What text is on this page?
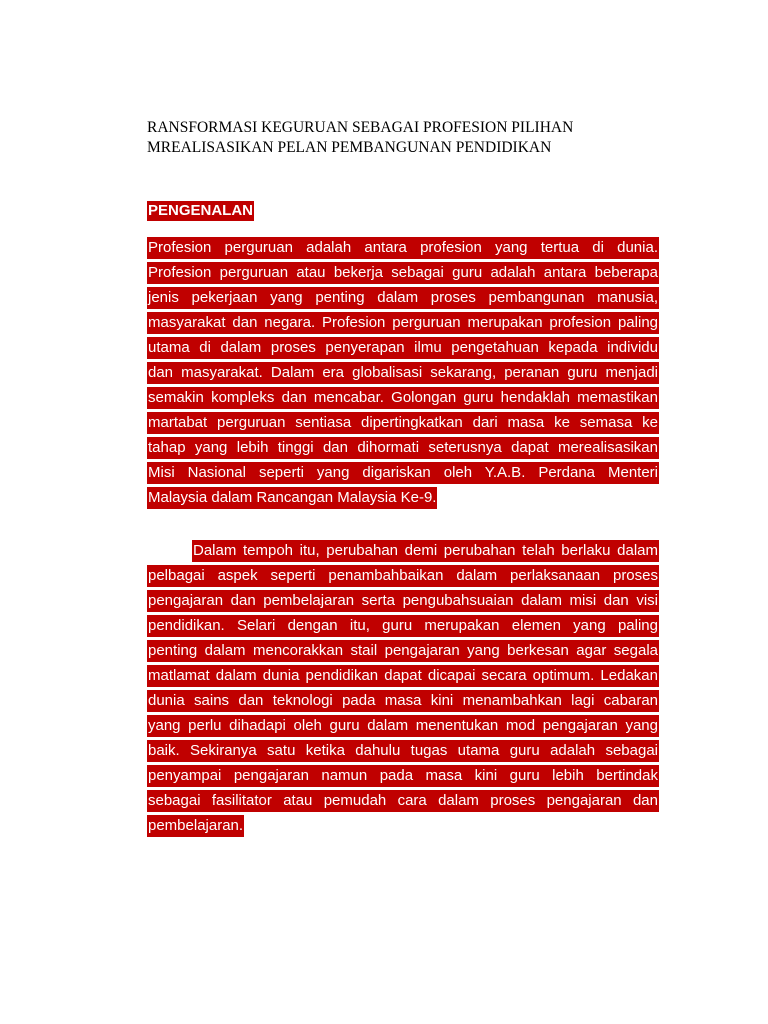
RANSFORMASI KEGURUAN SEBAGAI PROFESION PILIHAN
MREALISASIKAN PELAN PEMBANGUNAN PENDIDIKAN
PENGENALAN
Profesion perguruan adalah antara profesion yang tertua di dunia.
Profesion perguruan atau bekerja sebagai guru adalah antara beberapa
jenis pekerjaan yang penting dalam proses pembangunan manusia,
masyarakat dan negara. Profesion perguruan merupakan profesion paling
utama di dalam proses penyerapan ilmu pengetahuan kepada individu
dan masyarakat. Dalam era globalisasi sekarang, peranan guru menjadi
semakin kompleks dan mencabar. Golongan guru hendaklah memastikan
martabat perguruan sentiasa dipertingkatkan dari masa ke semasa ke
tahap yang lebih tinggi dan dihormati seterusnya dapat merealisasikan
Misi Nasional seperti yang digariskan oleh Y.A.B. Perdana Menteri
Malaysia dalam Rancangan Malaysia Ke-9.
Dalam tempoh itu, perubahan demi perubahan telah berlaku dalam
pelbagai aspek seperti penambahbaikan dalam perlaksanaan proses
pengajaran dan pembelajaran serta pengubahsuaian dalam misi dan visi
pendidikan. Selari dengan itu, guru merupakan elemen yang paling
penting dalam mencorakkan stail pengajaran yang berkesan agar segala
matlamat dalam dunia pendidikan dapat dicapai secara optimum. Ledakan
dunia sains dan teknologi pada masa kini menambahkan lagi cabaran
yang perlu dihadapi oleh guru dalam menentukan mod pengajaran yang
baik. Sekiranya satu ketika dahulu tugas utama guru adalah sebagai
penyampai pengajaran namun pada masa kini guru lebih bertindak
sebagai fasilitator atau pemudah cara dalam proses pengajaran dan
pembelajaran.
